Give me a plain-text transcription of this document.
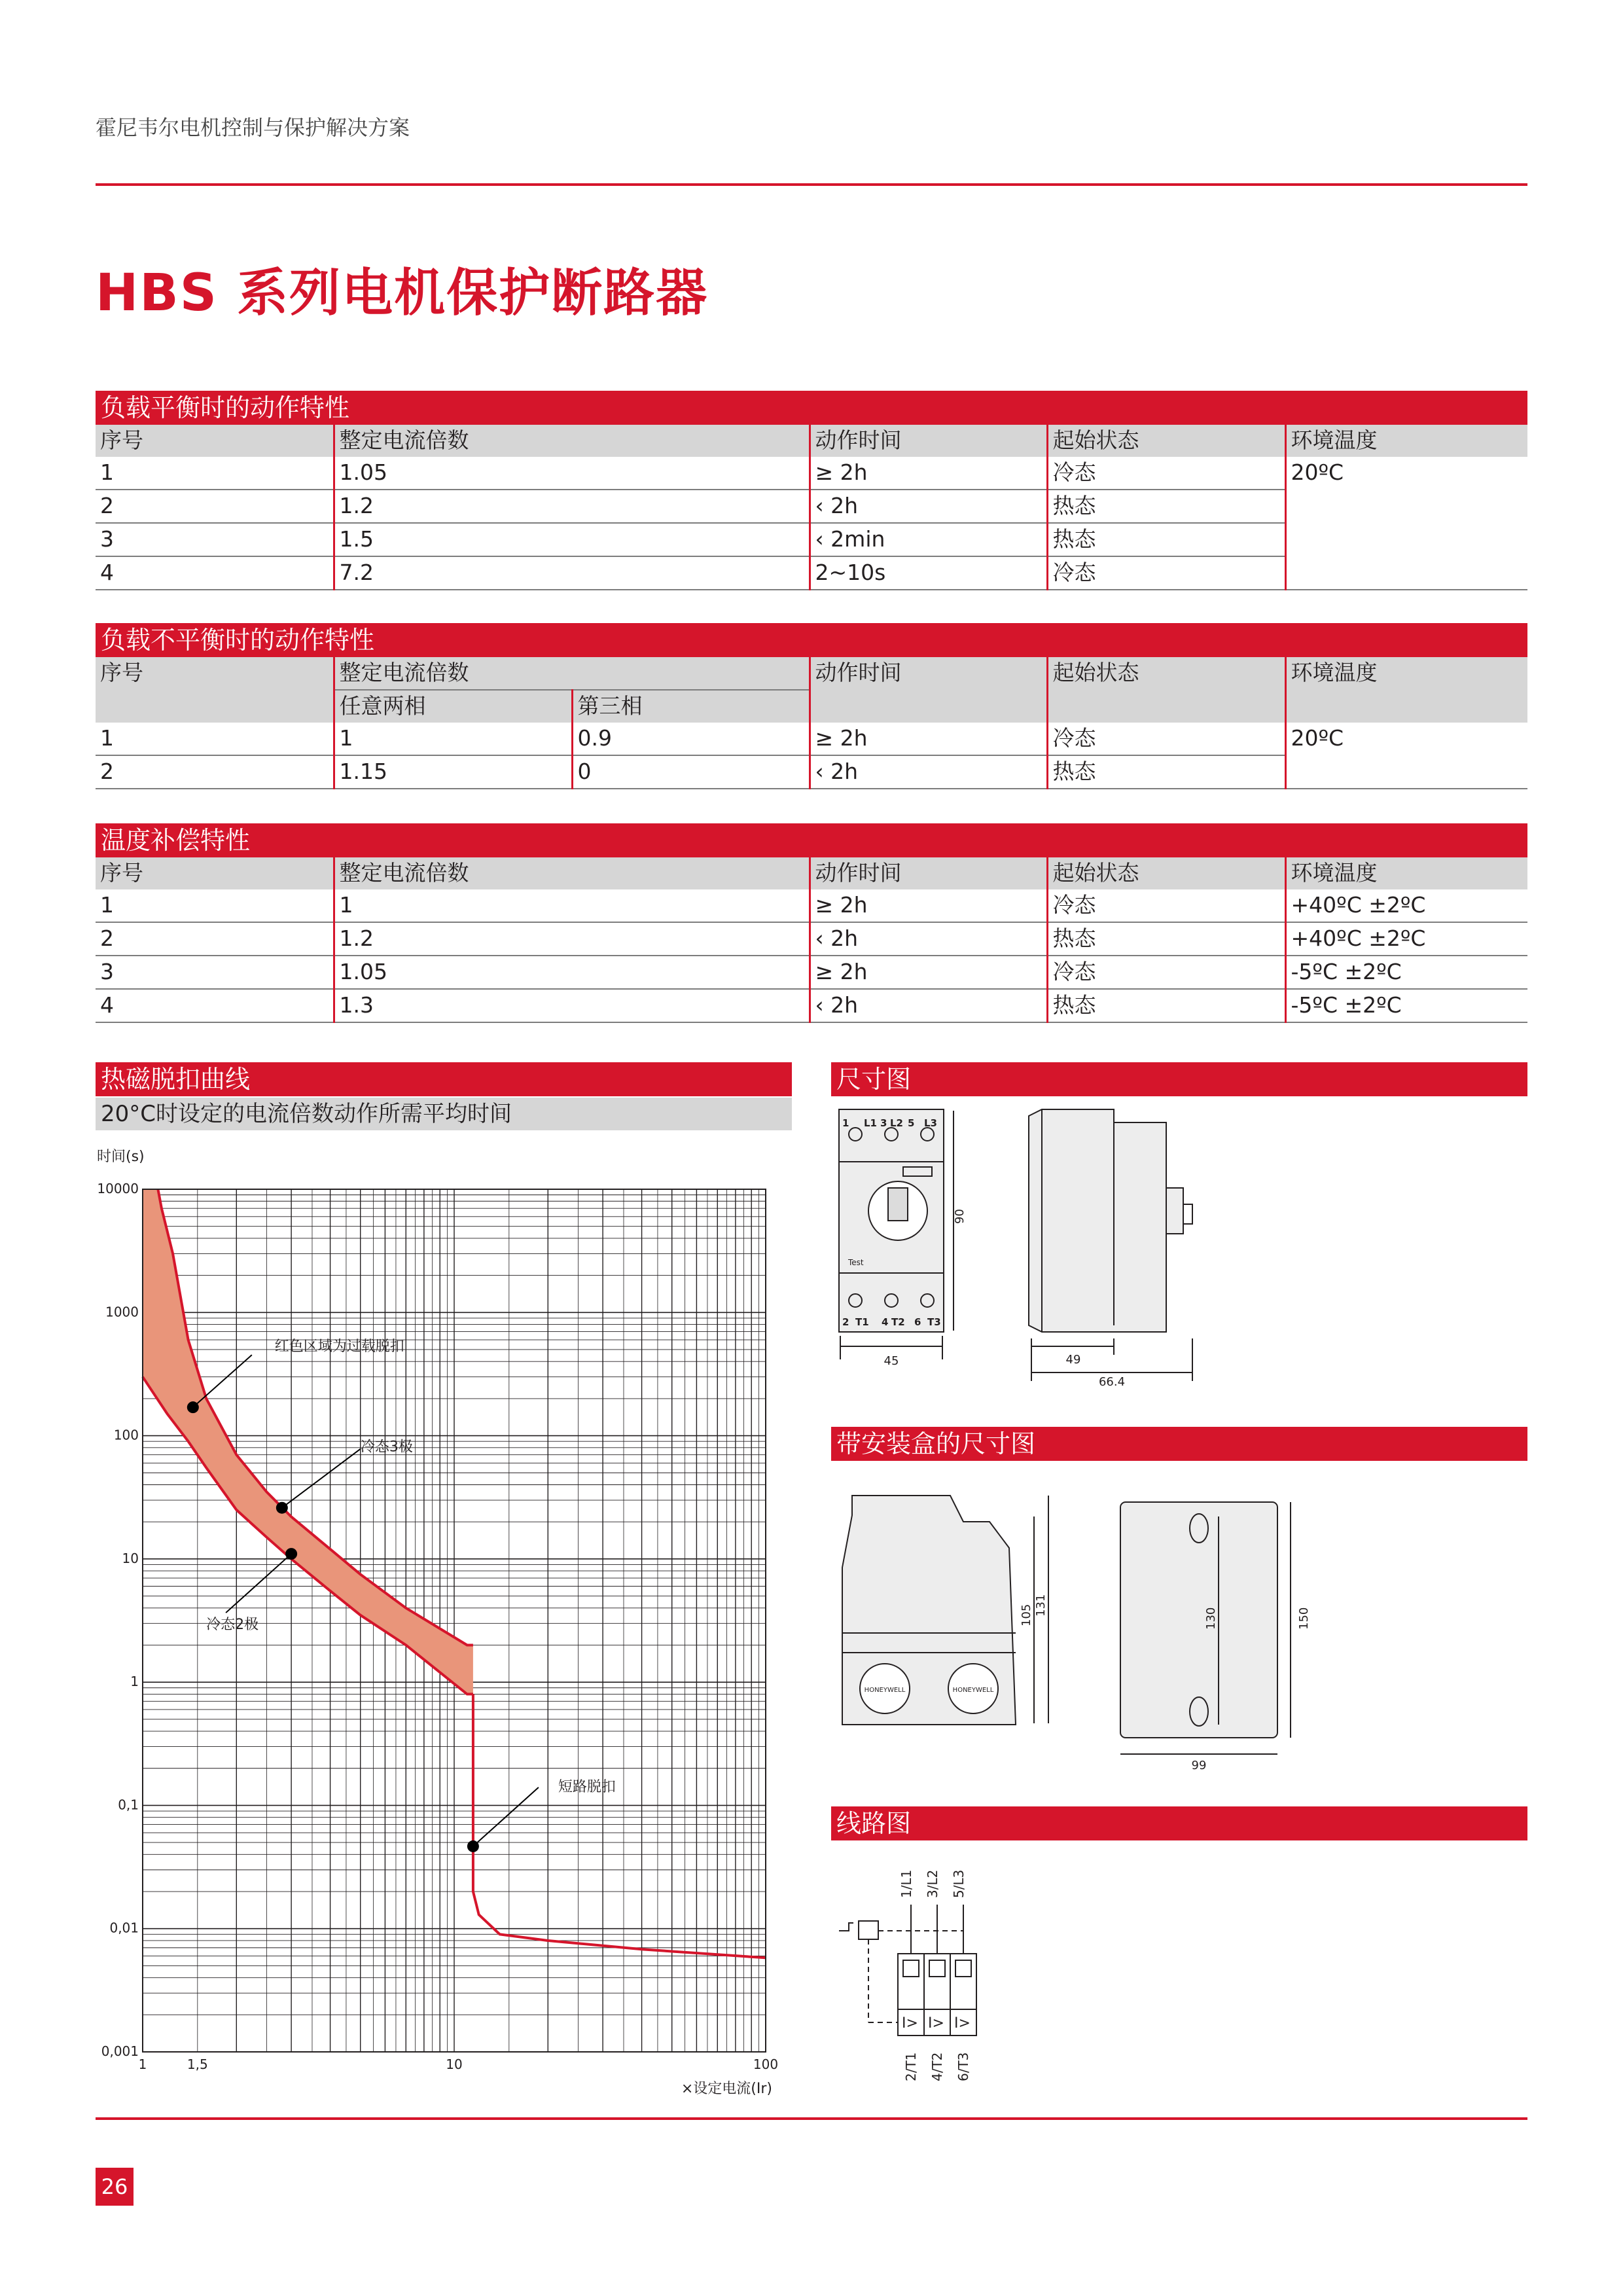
霍尼韦尔电机控制与保护解决方案
HBS 系列电机保护断路器
负载平衡时的动作特性
序号	整定电流倍数	动作时间	起始状态	环境温度
1	1.05	≥ 2h	冷态	20ºC
2	1.2	‹ 2h	热态	
3	1.5	‹ 2min	热态	
4	7.2	2~10s	冷态	
负载不平衡时的动作特性
序号	整定电流倍数		动作时间	起始状态	环境温度
	任意两相	第三相			
1	1	0.9	≥ 2h	冷态	20ºC
2	1.15	0	‹ 2h	热态	
温度补偿特性
序号	整定电流倍数	动作时间	起始状态	环境温度
1	1	≥ 2h	冷态	+40ºC ±2ºC
2	1.2	‹ 2h	热态	+40ºC ±2ºC
3	1.05	≥ 2h	冷态	-5ºC ±2ºC
4	1.3	‹ 2h	热态	-5ºC ±2ºC
热磁脱扣曲线
20°C时设定的电流倍数动作所需平均时间
时间(s)
×设定电流(Ir)
10000
1000
100
10
1
0,1
0,01
0,001
1	1,5	10	100
红色区域为过载脱扣
冷态3极
冷态2极
短路脱扣
尺寸图
1 L1 3 L2 5 L3
2 T1 4 T2 6 T3
Test
90
45	49
66.4
带安装盒的尺寸图
HONEYWELL	HONEYWELL
105 131
130	150
99
线路图
1/L1 3/L2 5/L3
I> I> I>
2/T1 4/T2 6/T3
26
